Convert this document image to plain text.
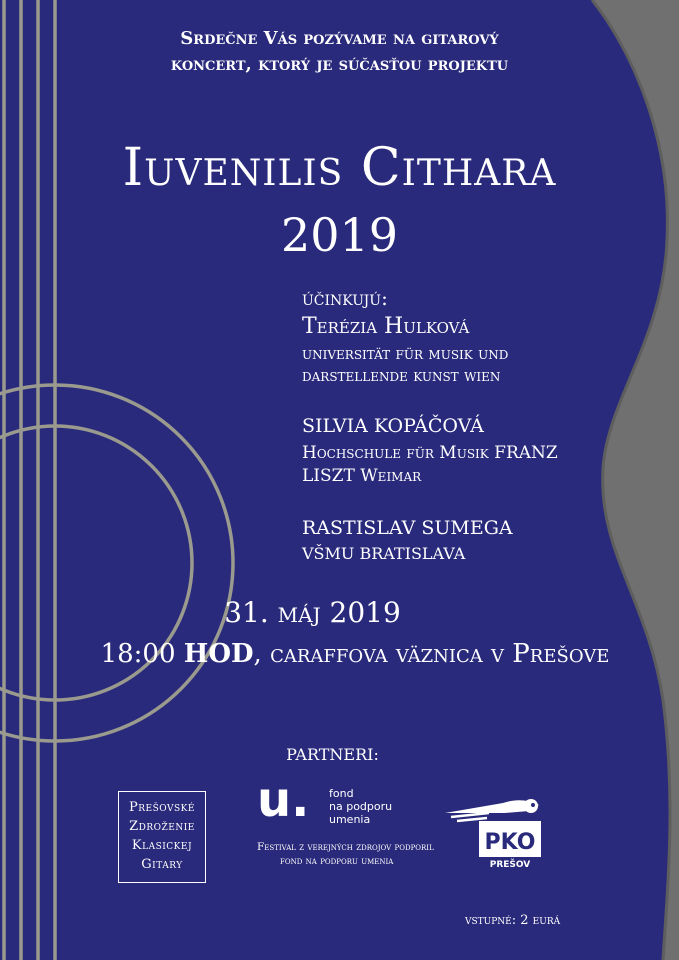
Srdečne Vás pozývame na gitarový
koncert, ktorý je súčasťou projektu
Iuvenilis Cithara
2019
účinkujú:
Terézia Hulková
universität für musik und
darstellende kunst wien
SILVIA KOPÁČOVÁ
Hochschule für Musik FRANZ
LISZT Weimar
RASTISLAV SUMEGA
VŠMU BRATISLAVA
31. máj 2019
18:00 HOD, caraffova väznica v Prešove
PARTNERI:
Prešovské
Zdroženie
Klasickej
Gitary
u. fond
na podporu
umenia
Festival z verejných zdrojov podporil
fond na podporu umenia
PKO
PREŠOV
vstupné: 2 eurá
